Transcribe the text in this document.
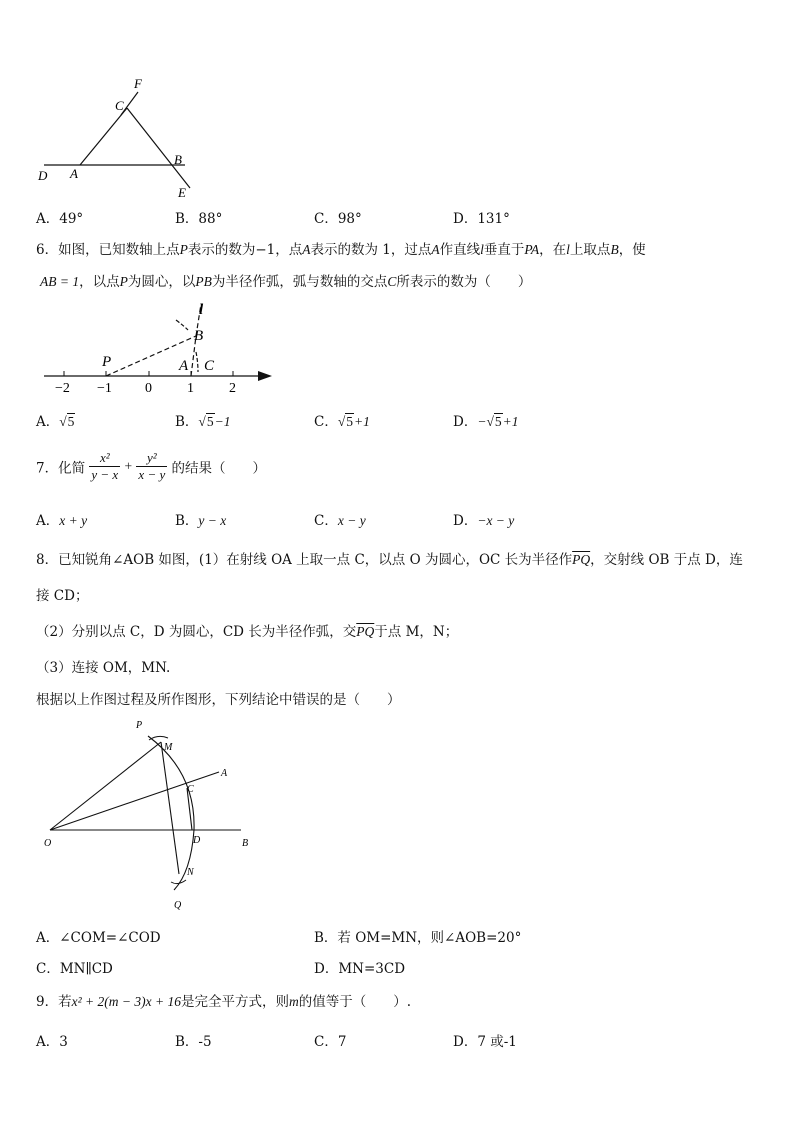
F
C
B
D A
E
A．49°	B．88°	C．98°	D．131°
6．如图，已知数轴上点P表示的数为−1，点A表示的数为 1，过点A作直线l垂直于PA，在l上取点B，使
AB = 1，以点P为圆心，以PB为半径作弧，弧与数轴的交点C所表示的数为（　　）
l
B
P	A C
−2 −1 0	1	2
A．√5	B．√5−1	C．√5+1	D．−√5+1
7．化简 $\frac{\text{x²}}{y - x} + \frac{\text{y²}}{x - y}$ 的结果（　　）
A．x + y	B．y − x	C．x − y	D．−x − y
8．已知锐角∠AOB 如图，(1）在射线 OA 上取一点 C，以点 O 为圆心，OC 长为半径作$\overline{PQ}$，交射线 OB 于点 D，连
接 CD；
（2）分别以点 C，D 为圆心，CD 长为半径作弧，交$\overline{PQ}$于点 M，N；
（3）连接 OM，MN.
根据以上作图过程及所作图形，下列结论中错误的是（　　）
P
M
A
C
O	D	B
N
Q
A．∠COM=∠COD	B．若 OM=MN，则∠AOB=20°
C．MN∥CD	D．MN=3CD
9．若x² + 2(m − 3)x + 16是完全平方式，则m的值等于（　　）.
A．3	B．-5	C．7	D．7 或-1
